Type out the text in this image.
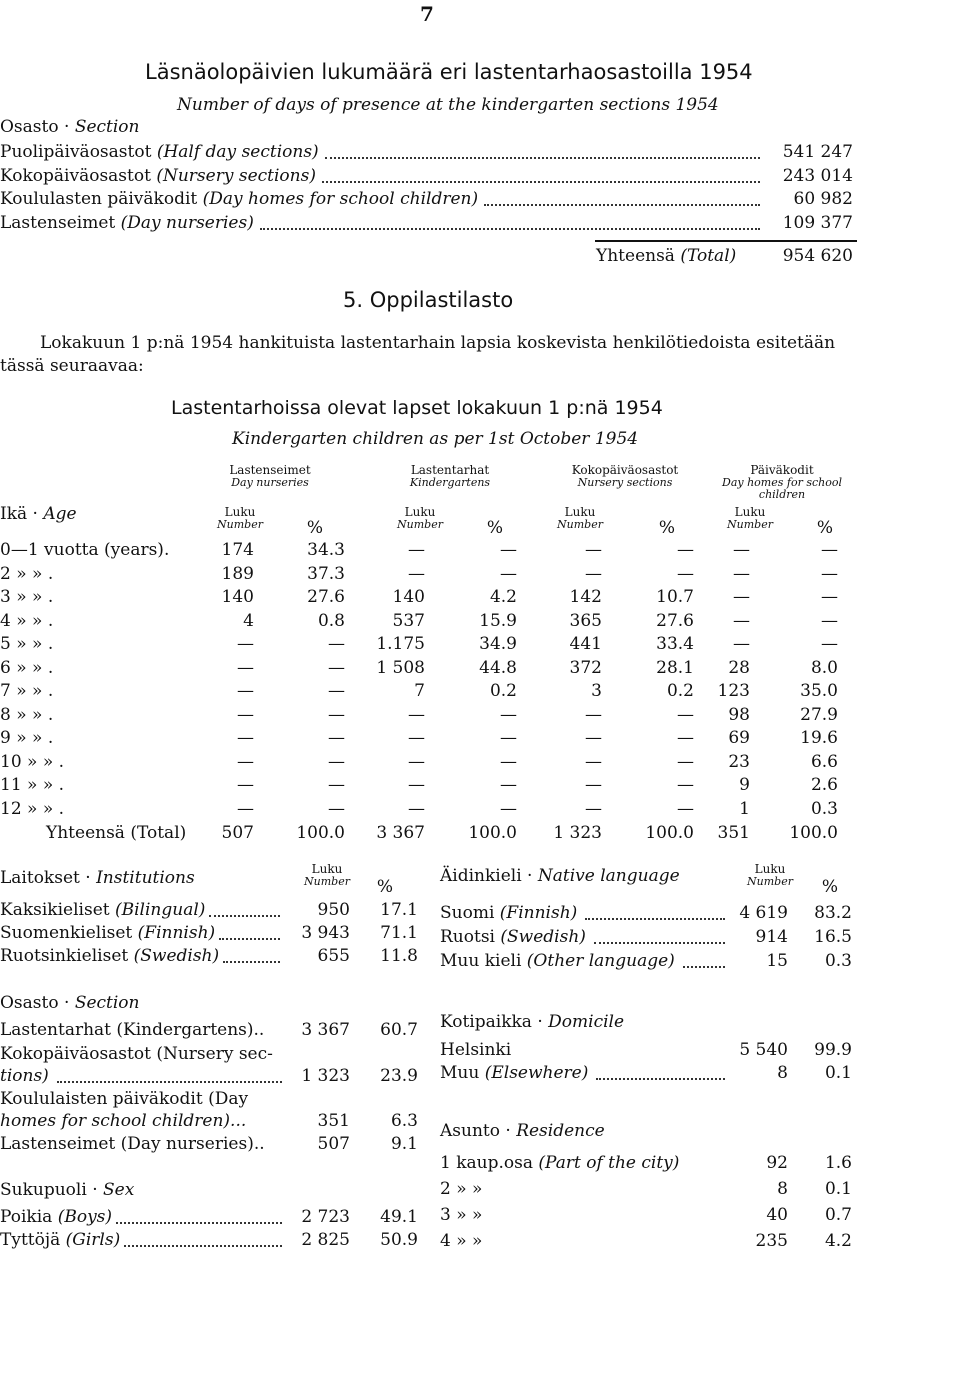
7
Läsnäolopäivien lukumäärä eri lastentarhaosastoilla 1954
Number of days of presence at the kindergarten sections 1954
Osasto · Section
Puolipäiväosastot (Half day sections)	541 247
Kokopäiväosastot (Nursery sections)	243 014
Koululasten päiväkodit (Day homes for school children)	60 982
Lastenseimet (Day nurseries)	109 377
Yhteensä (Total)	954 620
5. Oppilastilasto
Lokakuun 1 p:nä 1954 hankituista lastentarhain lapsia koskevista henkilötiedoista esitetään
tässä seuraavaa:
Lastentarhoissa olevat lapset lokakuun 1 p:nä 1954
Kindergarten children as per 1st October 1954
Lastenseimet
Day nurseries
Lastentarhat
Kindergartens
Kokopäiväosastot
Nursery sections
Päiväkodit
Day homes for school children
Ikä · Age	Luku
Number	%
Luku
Number	%
Luku
Number	%
Luku
Number	%
0—1 vuotta (years).	174	34.3	—	—	—	—	—	—
2 » » .	189	37.3	—	—	—	—	—	—
3 » » .	140	27.6	140	4.2	142	10.7	—	—
4 » » .	4	0.8	537	15.9	365	27.6	—	—
5 » » .	—	—	1.175	34.9	441	33.4	—	—
6 » » .	—	—	1 508	44.8	372	28.1	28	8.0
7 » » .	—	—	7	0.2	3	0.2	123	35.0
8 » » .	—	—	—	—	—	—	98	27.9
9 » » .	—	—	—	—	—	—	69	19.6
10 » » .	—	—	—	—	—	—	23	6.6
11 » » .	—	—	—	—	—	—	9	2.6
12 » » .	—	—	—	—	—	—	1	0.3
Yhteensä (Total)	507	100.0	3 367	100.0	1 323	100.0	351	100.0
Laitokset · Institutions	Luku
Number	%
Kaksikieliset (Bilingual)	950	17.1
Suomenkieliset (Finnish)	3 943	71.1
Ruotsinkieliset (Swedish)	655	11.8
Osasto · Section
Lastentarhat (Kindergartens)..	3 367	60.7
Kokopäiväosastot (Nursery sec-
tions)	1 323	23.9
Koululaisten päiväkodit (Day
homes for school children)...	351	6.3
Lastenseimet (Day nurseries)..	507	9.1
Sukupuoli · Sex
Poikia (Boys)	2 723	49.1
Tyttöjä (Girls)	2 825	50.9
Äidinkieli · Native language	Luku
Number	%
Suomi (Finnish)	4 619	83.2
Ruotsi (Swedish)	914	16.5
Muu kieli (Other language)	15	0.3
Kotipaikka · Domicile
Helsinki	5 540	99.9
Muu (Elsewhere)	8	0.1
Asunto · Residence
1 kaup.osa (Part of the city)	92	1.6
2 » »	8	0.1
3 » »	40	0.7
4 » »	235	4.2
